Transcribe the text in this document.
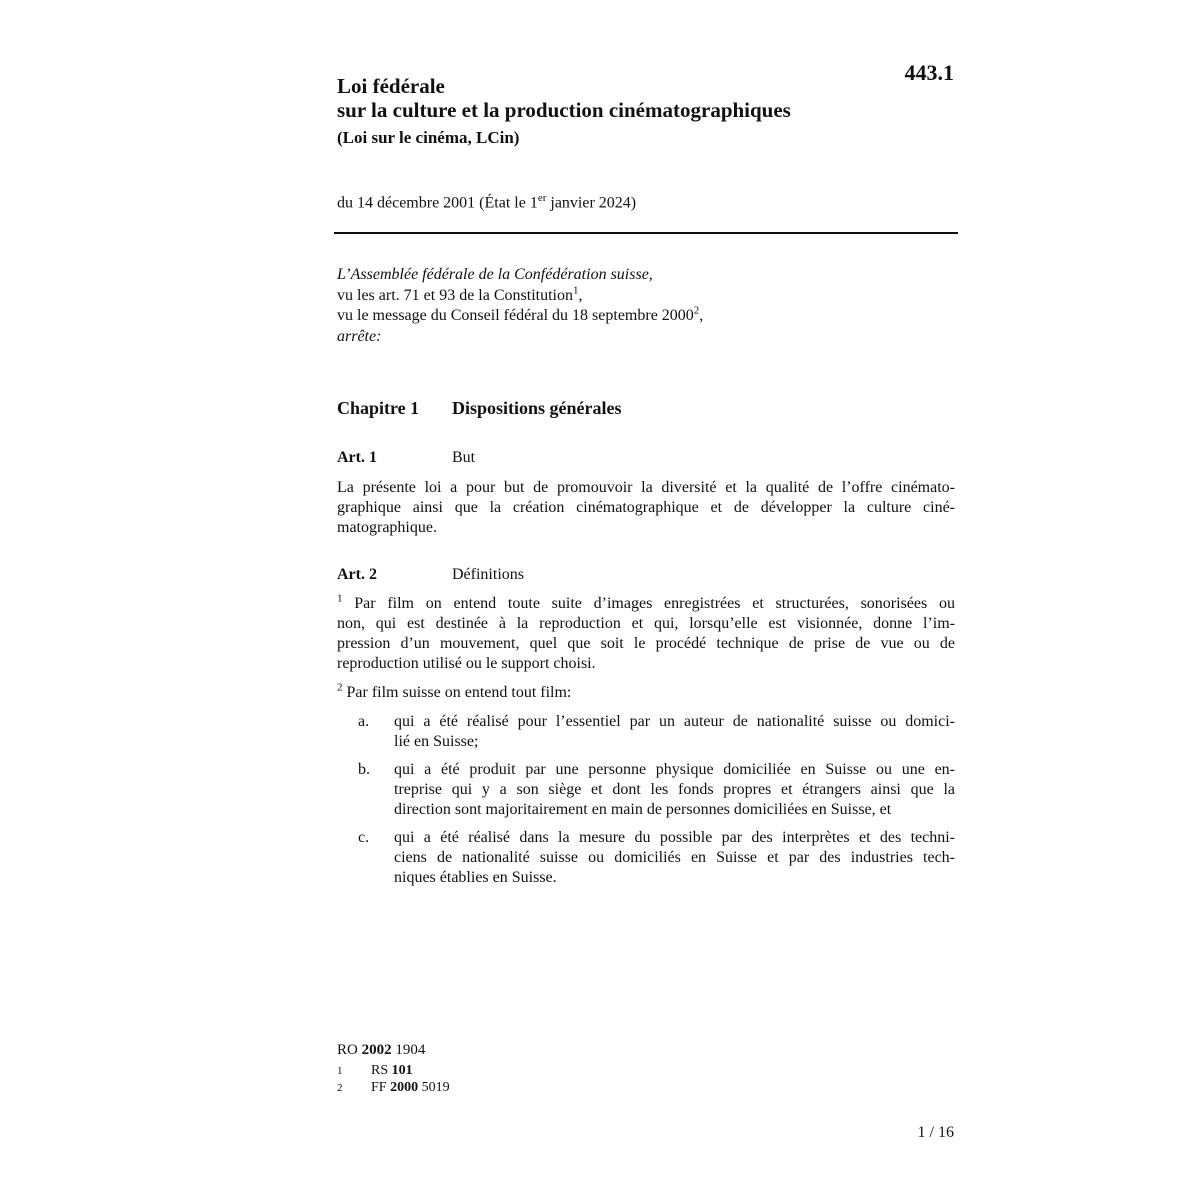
443.1
Loi fédérale
sur la culture et la production cinématographiques
(Loi sur le cinéma, LCin)
du 14 décembre 2001 (État le 1er janvier 2024)
L’Assemblée fédérale de la Confédération suisse,
vu les art. 71 et 93 de la Constitution$^1$,
vu le message du Conseil fédéral du 18 septembre 2000$^2$,
arrête:
Chapitre 1 Dispositions générales
Art. 1	But
La présente loi a pour but de promouvoir la diversité et la qualité de l’offre cinémato-
graphique ainsi que la création cinématographique et de développer la culture ciné-
matographique.
Art. 2	Définitions
$^1$ Par film on entend toute suite d’images enregistrées et structurées, sonorisées ou
non, qui est destinée à la reproduction et qui, lorsqu’elle est visionnée, donne l’im-
pression d’un mouvement, quel que soit le procédé technique de prise de vue ou de
reproduction utilisé ou le support choisi.
$^2$ Par film suisse on entend tout film:
a. qui a été réalisé pour l’essentiel par un auteur de nationalité suisse ou domici-
lié en Suisse;
b. qui a été produit par une personne physique domiciliée en Suisse ou une en-
treprise qui y a son siège et dont les fonds propres et étrangers ainsi que la
direction sont majoritairement en main de personnes domiciliées en Suisse, et
c. qui a été réalisé dans la mesure du possible par des interprètes et des techni-
ciens de nationalité suisse ou domiciliés en Suisse et par des industries tech-
niques établies en Suisse.
RO 2002 1904
1 RS 101
2 FF 2000 5019
1 / 16
